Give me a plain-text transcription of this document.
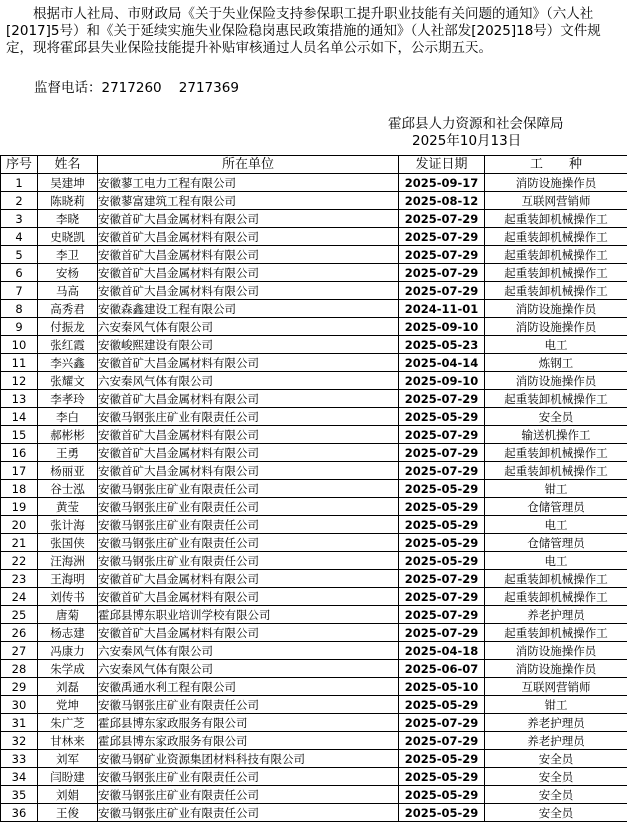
根据市人社局、市财政局《关于失业保险支持参保职工提升职业技能有关问题的通知》（六人社[2017]5号）和《关于延续实施失业保险稳岗惠民政策措施的通知》（人社部发[2025]18号）文件规定，现将霍邱县失业保险技能提升补贴审核通过人员名单公示如下，公示期五天。
监督电话：2717260    2717369
霍邱县人力资源和社会保障局
2025年10月13日
序号	姓名	所在单位	发证日期	工　　种
1	吴建坤	安徽蓼工电力工程有限公司	2025-09-17	消防设施操作员
2	陈晓莉	安徽蓼富建筑工程有限公司	2025-08-12	互联网营销师
3	李晓	安徽首矿大昌金属材料有限公司	2025-07-29	起重装卸机械操作工
4	史晓凯	安徽首矿大昌金属材料有限公司	2025-07-29	起重装卸机械操作工
5	李卫	安徽首矿大昌金属材料有限公司	2025-07-29	起重装卸机械操作工
6	安杨	安徽首矿大昌金属材料有限公司	2025-07-29	起重装卸机械操作工
7	马高	安徽首矿大昌金属材料有限公司	2025-07-29	起重装卸机械操作工
8	高秀君	安徽森鑫建设工程有限公司	2024-11-01	消防设施操作员
9	付振龙	六安秦风气体有限公司	2025-09-10	消防设施操作员
10	张红霞	安徽峻熙建设有限公司	2025-05-23	电工
11	李兴鑫	安徽首矿大昌金属材料有限公司	2025-04-14	炼钢工
12	张耀文	六安秦风气体有限公司	2025-09-10	消防设施操作员
13	李孝玲	安徽首矿大昌金属材料有限公司	2025-07-29	起重装卸机械操作工
14	李白	安徽马钢张庄矿业有限责任公司	2025-05-29	安全员
15	郝彬彬	安徽首矿大昌金属材料有限公司	2025-07-29	输送机操作工
16	王勇	安徽首矿大昌金属材料有限公司	2025-07-29	起重装卸机械操作工
17	杨丽亚	安徽首矿大昌金属材料有限公司	2025-07-29	起重装卸机械操作工
18	谷士泓	安徽马钢张庄矿业有限责任公司	2025-05-29	钳工
19	黄莹	安徽马钢张庄矿业有限责任公司	2025-05-29	仓储管理员
20	张计海	安徽马钢张庄矿业有限责任公司	2025-05-29	电工
21	张国侠	安徽马钢张庄矿业有限责任公司	2025-05-29	仓储管理员
22	汪海洲	安徽马钢张庄矿业有限责任公司	2025-05-29	电工
23	王海明	安徽首矿大昌金属材料有限公司	2025-07-29	起重装卸机械操作工
24	刘传书	安徽首矿大昌金属材料有限公司	2025-07-29	起重装卸机械操作工
25	唐菊	霍邱县博东职业培训学校有限公司	2025-07-29	养老护理员
26	杨志建	安徽首矿大昌金属材料有限公司	2025-07-29	起重装卸机械操作工
27	冯康力	六安秦风气体有限公司	2025-04-18	消防设施操作员
28	朱学成	六安秦风气体有限公司	2025-06-07	消防设施操作员
29	刘磊	安徽禹通水利工程有限公司	2025-05-10	互联网营销师
30	党坤	安徽马钢张庄矿业有限责任公司	2025-05-29	钳工
31	朱广芝	霍邱县博东家政服务有限公司	2025-07-29	养老护理员
32	甘林来	霍邱县博东家政服务有限公司	2025-07-29	养老护理员
33	刘军	安徽马钢矿业资源集团材料科技有限公司	2025-05-29	安全员
34	闫盼建	安徽马钢张庄矿业有限责任公司	2025-05-29	安全员
35	刘娟	安徽马钢张庄矿业有限责任公司	2025-05-29	安全员
36	王俊	安徽马钢张庄矿业有限责任公司	2025-05-29	安全员
